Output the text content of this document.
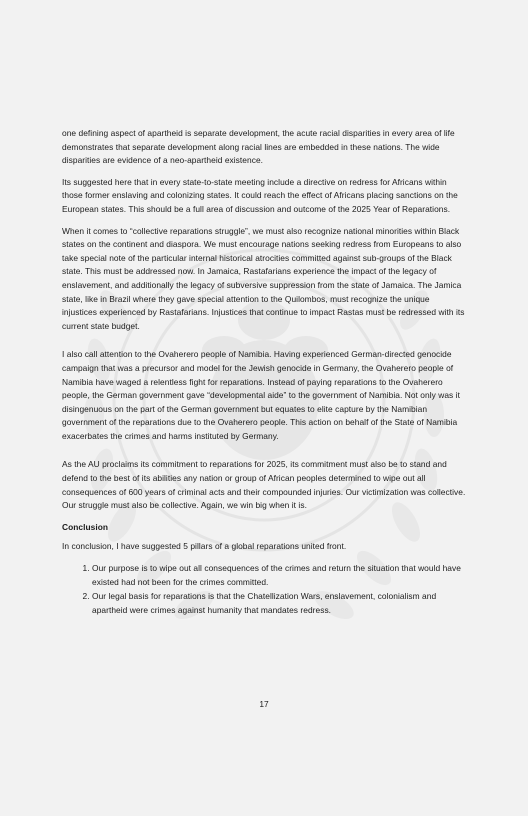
one defining aspect of apartheid is separate development, the acute racial disparities in every area of life demonstrates that separate development along racial lines are embedded in these nations. The wide disparities are evidence of a neo-apartheid existence.

Its suggested here that in every state-to-state meeting include a directive on redress for Africans within those former enslaving and colonizing states. It could reach the effect of Africans placing sanctions on the European states. This should be a full area of discussion and outcome of the 2025 Year of Reparations.

When it comes to “collective reparations struggle”, we must also recognize national minorities within Black states on the continent and diaspora. We must encourage nations seeking redress from Europeans to also take special note of the particular internal historical atrocities committed against sub-groups of the Black state. This must be addressed now. In Jamaica, Rastafarians experience the impact of the legacy of enslavement, and additionally the legacy of subversive suppression from the state of Jamaica. The Jamica state, like in Brazil where they gave special attention to the Quilombos, must recognize the unique injustices experienced by Rastafarians. Injustices that continue to impact Rastas must be redressed with its current state budget.

I also call attention to the Ovaherero people of Namibia. Having experienced German-directed genocide campaign that was a precursor and model for the Jewish genocide in Germany, the Ovaherero people of Namibia have waged a relentless fight for reparations. Instead of paying reparations to the Ovaherero people, the German government gave “developmental aide” to the government of Namibia. Not only was it disingenuous on the part of the German government but equates to elite capture by the Namibian government of the reparations due to the Ovaherero people. This action on behalf of the State of Namibia exacerbates the crimes and harms instituted by Germany.

As the AU proclaims its commitment to reparations for 2025, its commitment must also be to stand and defend to the best of its abilities any nation or group of African peoples determined to wipe out all consequences of 600 years of criminal acts and their compounded injuries. Our victimization was collective. Our struggle must also be collective. Again, we win big when it is.

Conclusion

In conclusion, I have suggested 5 pillars of a global reparations united front.

1. Our purpose is to wipe out all consequences of the crimes and return the situation that would have existed had not been for the crimes committed.
2. Our legal basis for reparations is that the Chatellization Wars, enslavement, colonialism and apartheid were crimes against humanity that mandates redress.
17
